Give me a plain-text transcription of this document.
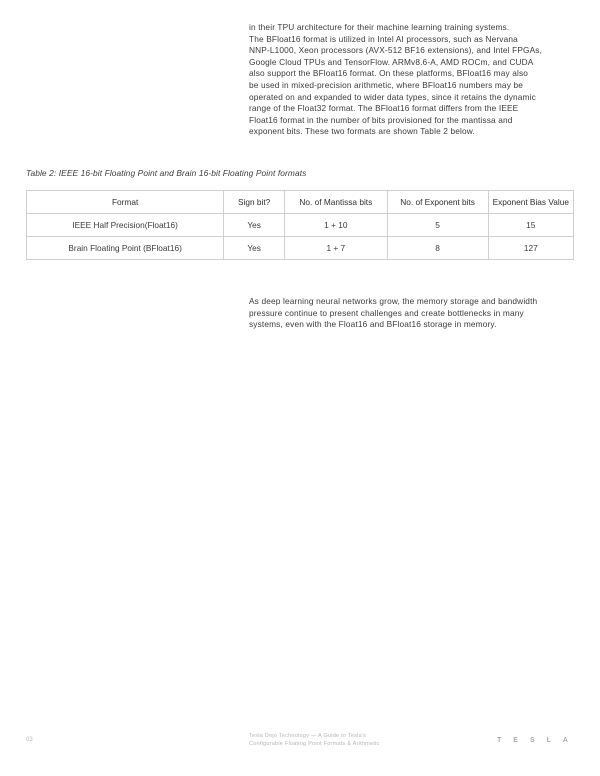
in their TPU architecture for their machine learning training systems.
The BFloat16 format is utilized in Intel AI processors, such as Nervana
NNP-L1000, Xeon processors (AVX-512 BF16 extensions), and Intel FPGAs,
Google Cloud TPUs and TensorFlow. ARMv8.6-A, AMD ROCm, and CUDA
also support the BFloat16 format. On these platforms, BFloat16 may also
be used in mixed-precision arithmetic, where BFloat16 numbers may be
operated on and expanded to wider data types, since it retains the dynamic
range of the Float32 format. The BFloat16 format differs from the IEEE
Float16 format in the number of bits provisioned for the mantissa and
exponent bits. These two formats are shown Table 2 below.
Table 2: IEEE 16-bit Floating Point and Brain 16-bit Floating Point formats
Format	Sign bit?	No. of Mantissa bits	No. of Exponent bits	Exponent Bias Value
IEEE Half Precision(Float16)	Yes	1 + 10	5	15
Brain Floating Point (BFloat16)	Yes	1 + 7	8	127
As deep learning neural networks grow, the memory storage and bandwidth
pressure continue to present challenges and create bottlenecks in many
systems, even with the Float16 and BFloat16 storage in memory.
03
Tesla Dojo Technology — A Guide to Tesla's
Configurable Floating Point Formats & Arithmetic	TESLA
